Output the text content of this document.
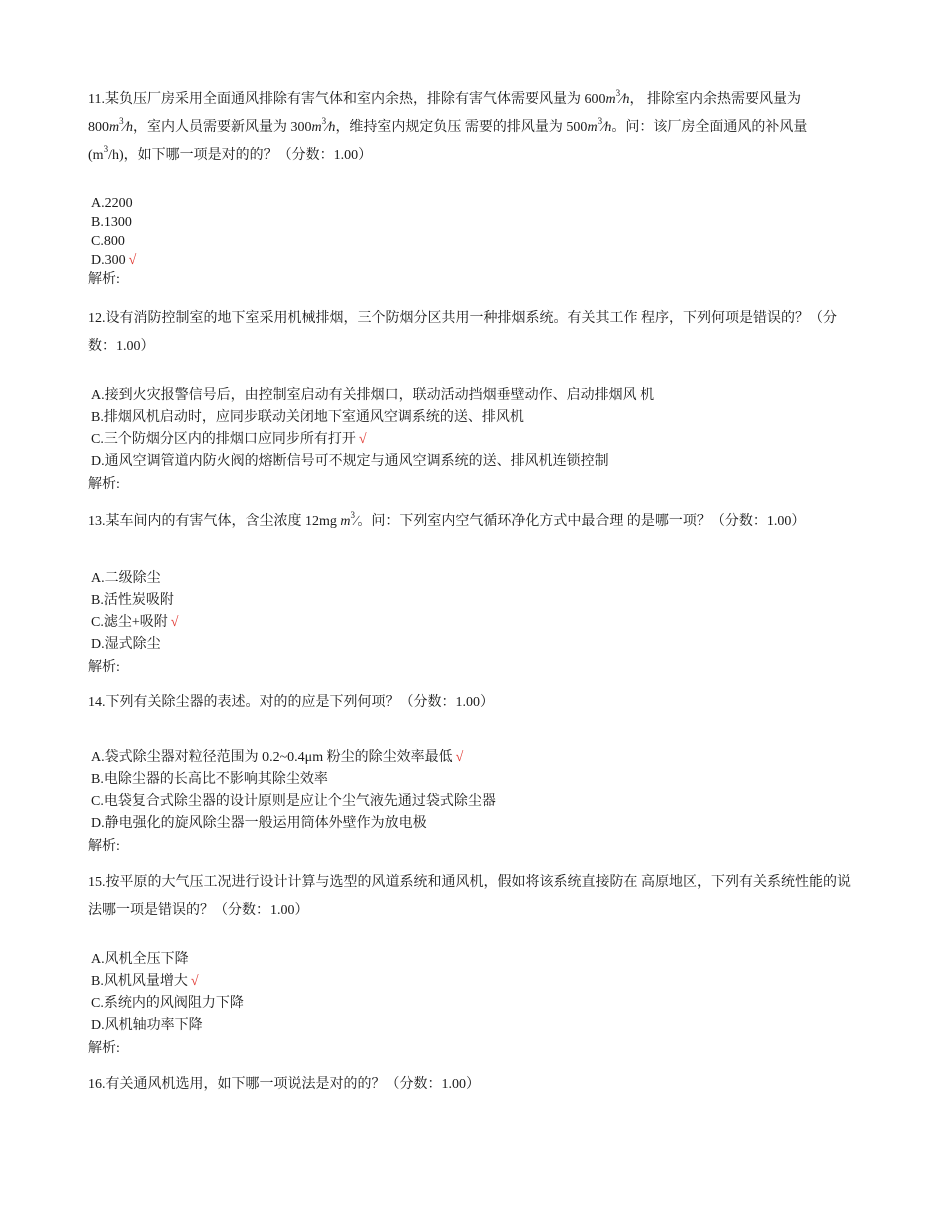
11.某负压厂房采用全面通风排除有害气体和室内余热，排除有害气体需要风量为 $600m^3⁄h$， 排除室内余热需要风量为 $800m^3⁄h$，室内人员需要新风量为 $300m^3⁄h$，维持室内规定负压 需要的排风量为 $500m^3⁄h$。问：该厂房全面通风的补风量 $(m^3/h)$，如下哪一项是对的的？（分数：1.00）

A.2200
B.1300
C.800
D.300 √
解析:

12.设有消防控制室的地下室采用机械排烟，三个防烟分区共用一种排烟系统。有关其工作 程序，下列何项是错误的？（分数：1.00）

A.接到火灾报警信号后，由控制室启动有关排烟口，联动活动挡烟垂壁动作、启动排烟风 机
B.排烟风机启动时，应同步联动关闭地下室通风空调系统的送、排风机
C.三个防烟分区内的排烟口应同步所有打开 √
D.通风空调管道内防火阀的熔断信号可不规定与通风空调系统的送、排风机连锁控制
解析:

13.某车间内的有害气体，含尘浓度 12mg $m^3∕$。问：下列室内空气循环净化方式中最合理 的是哪一项？（分数：1.00）

A.二级除尘
B.活性炭吸附
C.滤尘+吸附 √
D.湿式除尘
解析:

14.下列有关除尘器的表述。对的的应是下列何项？（分数：1.00）

A.袋式除尘器对粒径范围为 0.2~0.4μm 粉尘的除尘效率最低 √
B.电除尘器的长高比不影响其除尘效率
C.电袋复合式除尘器的设计原则是应让个尘气液先通过袋式除尘器
D.静电强化的旋风除尘器一般运用筒体外壁作为放电极
解析:

15.按平原的大气压工况进行设计计算与选型的风道系统和通风机，假如将该系统直接防在 高原地区，下列有关系统性能的说法哪一项是错误的？（分数：1.00）

A.风机全压下降
B.风机风量增大 √
C.系统内的风阀阻力下降
D.风机轴功率下降
解析:

16.有关通风机选用，如下哪一项说法是对的的？（分数：1.00）
